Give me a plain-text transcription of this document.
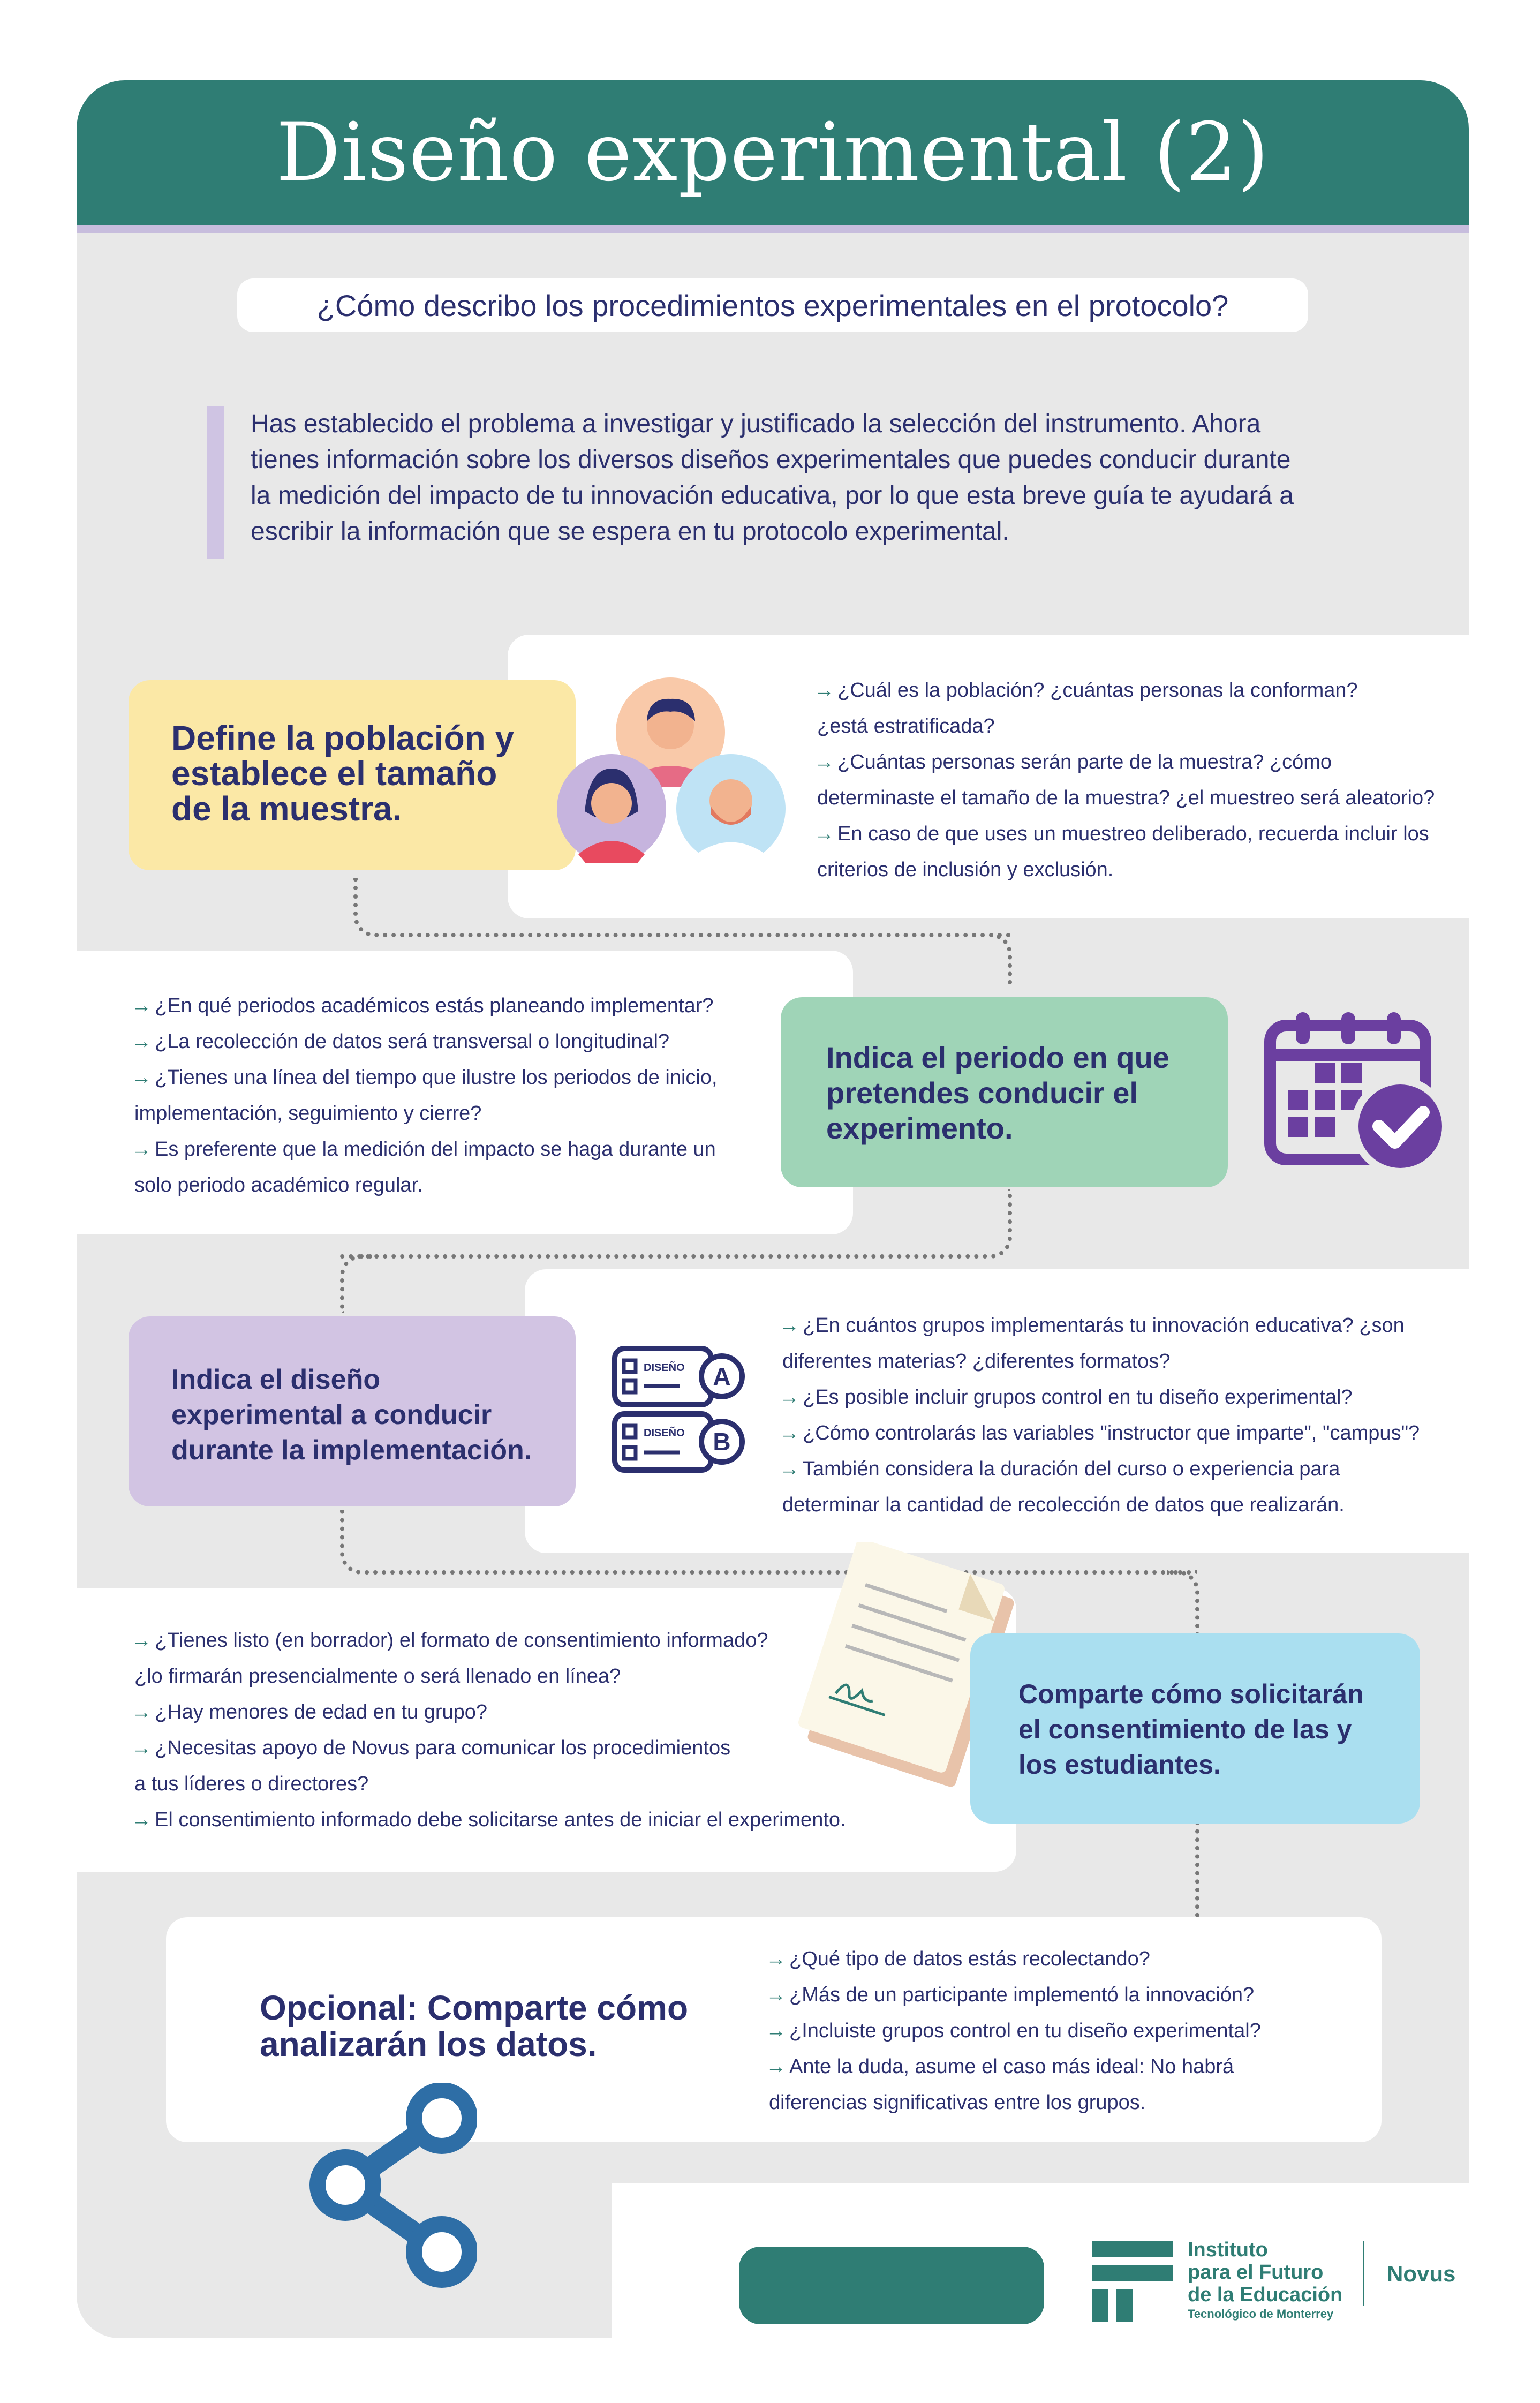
Diseño experimental (2)
¿Cómo describo los procedimientos experimentales en el protocolo?
Has establecido el problema a investigar y justificado la selección del instrumento. Ahora
tienes información sobre los diversos diseños experimentales que puedes conducir durante
la medición del impacto de tu innovación educativa, por lo que esta breve guía te ayudará a
escribir la información que se espera en tu protocolo experimental.
Define la población y
establece el tamaño
de la muestra.
→ ¿Cuál es la población? ¿cuántas personas la conforman?
¿está estratificada?
→ ¿Cuántas personas serán parte de la muestra? ¿cómo
determinaste el tamaño de la muestra? ¿el muestreo será aleatorio?
→ En caso de que uses un muestreo deliberado, recuerda incluir los
criterios de inclusión y exclusión.
→ ¿En qué periodos académicos estás planeando implementar?
→ ¿La recolección de datos será transversal o longitudinal?
→ ¿Tienes una línea del tiempo que ilustre los periodos de inicio,
implementación, seguimiento y cierre?
→ Es preferente que la medición del impacto se haga durante un
solo periodo académico regular.
Indica el periodo en que
pretendes conducir el
experimento.
Indica el diseño
experimental a conducir
durante la implementación.
DISEÑO
DISEÑO
A
B
→ ¿En cuántos grupos implementarás tu innovación educativa? ¿son
diferentes materias? ¿diferentes formatos?
→ ¿Es posible incluir grupos control en tu diseño experimental?
→ ¿Cómo controlarás las variables "instructor que imparte", "campus"?
→ También considera la duración del curso o experiencia para
determinar la cantidad de recolección de datos que realizarán.
→ ¿Tienes listo (en borrador) el formato de consentimiento informado?
¿lo firmarán presencialmente o será llenado en línea?
→ ¿Hay menores de edad en tu grupo?
→ ¿Necesitas apoyo de Novus para comunicar los procedimientos
a tus líderes o directores?
→ El consentimiento informado debe solicitarse antes de iniciar el experimento.
Comparte cómo solicitarán
el consentimiento de las y
los estudiantes.
Opcional: Comparte cómo
analizarán los datos.
→ ¿Qué tipo de datos estás recolectando?
→ ¿Más de un participante implementó la innovación?
→ ¿Incluiste grupos control en tu diseño experimental?
→ Ante la duda, asume el caso más ideal: No habrá
diferencias significativas entre los grupos.
Instituto
para el Futuro
de la Educación
Tecnológico de Monterrey
Novus
